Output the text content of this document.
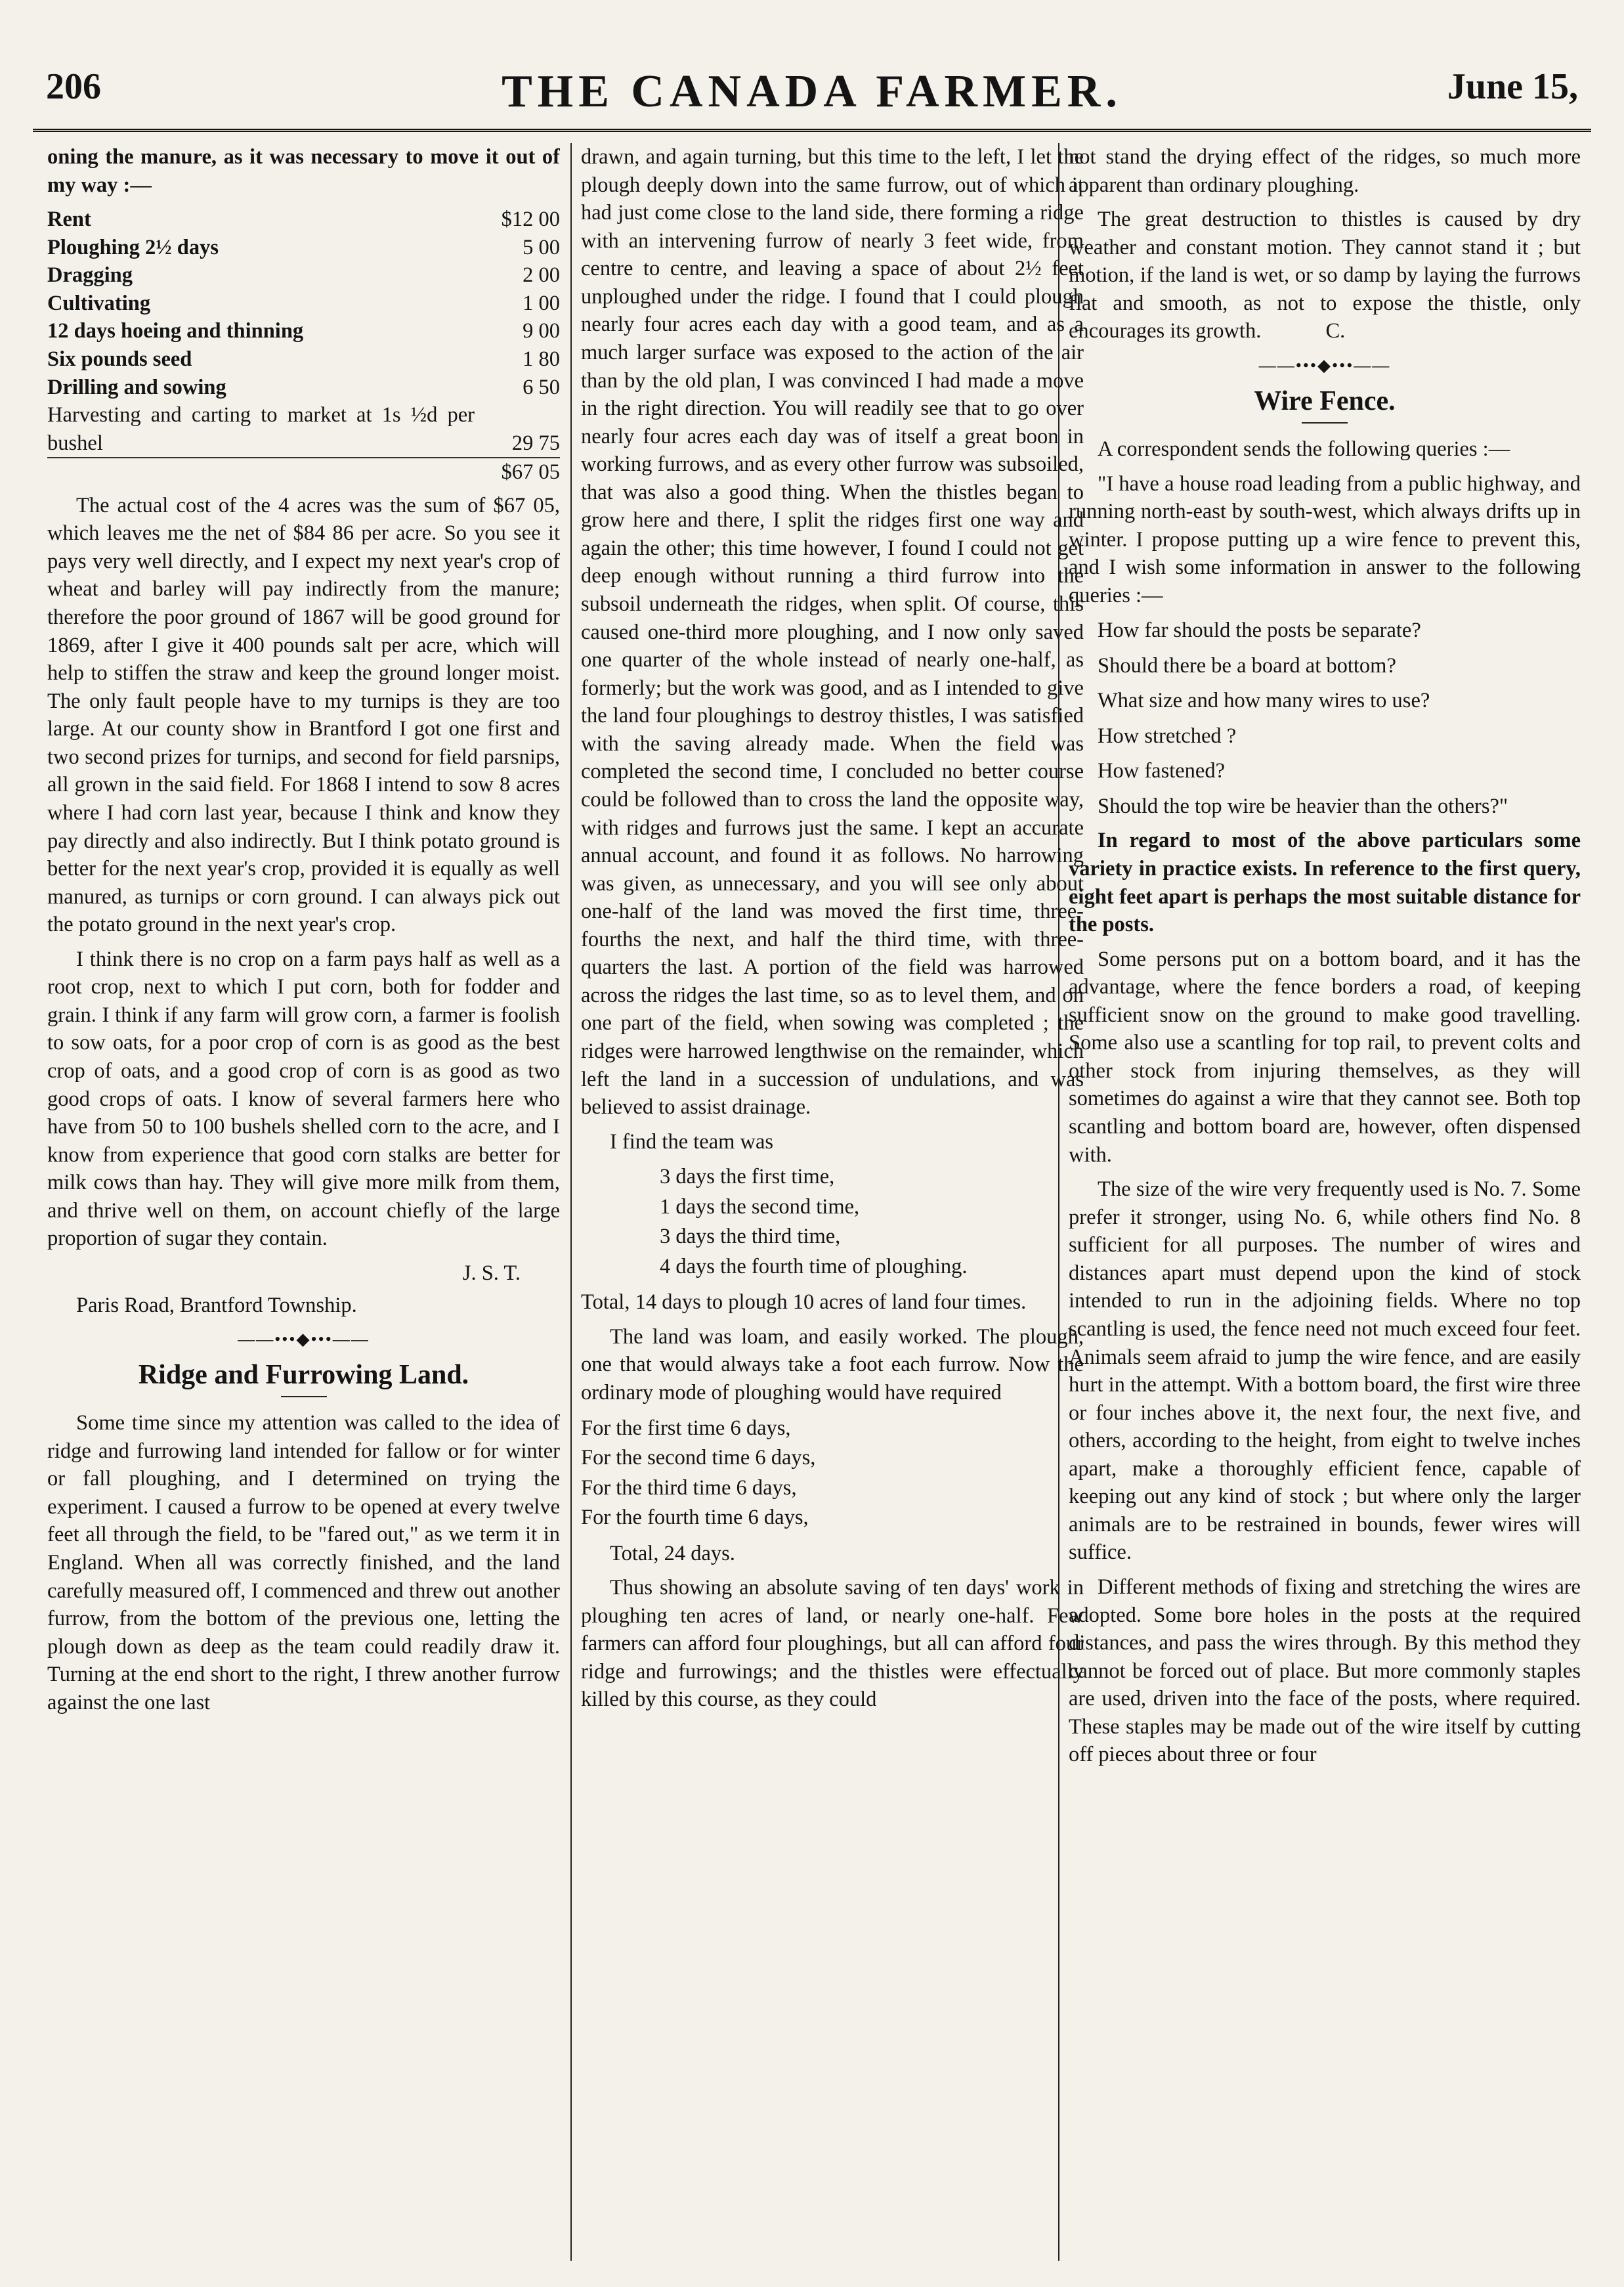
206	THE CANADA FARMER.	June 15,

oning the manure, as it was necessary to move it out of my way :—

Rent	$12 00
Ploughing 2½ days	5 00
Dragging	2 00
Cultivating	1 00
12 days hoeing and thinning	9 00
Six pounds seed	1 80
Drilling and sowing	6 50
Harvesting and carting to market at 1s ½d per bushel	29 75
	$67 05

The actual cost of the 4 acres was the sum of $67 05, which leaves me the net of $84 86 per acre. So you see it pays very well directly, and I expect my next year's crop of wheat and barley will pay indirectly from the manure; therefore the poor ground of 1867 will be good ground for 1869, after I give it 400 pounds salt per acre, which will help to stiffen the straw and keep the ground longer moist. The only fault people have to my turnips is they are too large. At our county show in Brantford I got one first and two second prizes for turnips, and second for field parsnips, all grown in the said field. For 1868 I intend to sow 8 acres where I had corn last year, because I think and know they pay directly and also indirectly. But I think potato ground is better for the next year's crop, provided it is equally as well manured, as turnips or corn ground. I can always pick out the potato ground in the next year's crop.

I think there is no crop on a farm pays half as well as a root crop, next to which I put corn, both for fodder and grain. I think if any farm will grow corn, a farmer is foolish to sow oats, for a poor crop of corn is as good as the best crop of oats, and a good crop of corn is as good as two good crops of oats. I know of several farmers here who have from 50 to 100 bushels shelled corn to the acre, and I know from experience that good corn stalks are better for milk cows than hay. They will give more milk from them, and thrive well on them, on account chiefly of the large proportion of sugar they contain.

J. S. T.
Paris Road, Brantford Township.
——•••◆•••——
Ridge and Furrowing Land.

Some time since my attention was called to the idea of ridge and furrowing land intended for fallow or for winter or fall ploughing, and I determined on trying the experiment. I caused a furrow to be opened at every twelve feet all through the field, to be "fared out," as we term it in England. When all was correctly finished, and the land carefully measured off, I commenced and threw out another furrow, from the bottom of the previous one, letting the plough down as deep as the team could readily draw it. Turning at the end short to the right, I threw another furrow against the one last

drawn, and again turning, but this time to the left, I let the plough deeply down into the same furrow, out of which it had just come close to the land side, there forming a ridge with an intervening furrow of nearly 3 feet wide, from centre to centre, and leaving a space of about 2½ feet unploughed under the ridge. I found that I could plough nearly four acres each day with a good team, and as a much larger surface was exposed to the action of the air than by the old plan, I was convinced I had made a move in the right direction. You will readily see that to go over nearly four acres each day was of itself a great boon in working furrows, and as every other furrow was subsoiled, that was also a good thing. When the thistles began to grow here and there, I split the ridges first one way and again the other; this time however, I found I could not get deep enough without running a third furrow into the subsoil underneath the ridges, when split. Of course, this caused one-third more ploughing, and I now only saved one quarter of the whole instead of nearly one-half, as formerly; but the work was good, and as I intended to give the land four ploughings to destroy thistles, I was satisfied with the saving already made. When the field was completed the second time, I concluded no better course could be followed than to cross the land the opposite way, with ridges and furrows just the same. I kept an accurate annual account, and found it as follows. No harrowing was given, as unnecessary, and you will see only about one-half of the land was moved the first time, three-fourths the next, and half the third time, with three-quarters the last. A portion of the field was harrowed across the ridges the last time, so as to level them, and on one part of the field, when sowing was completed ; the ridges were harrowed lengthwise on the remainder, which left the land in a succession of undulations, and was believed to assist drainage.

I find the team was

3 days the first time,
1 days the second time,
3 days the third time,
4 days the fourth time of ploughing.

Total, 14 days to plough 10 acres of land four times.

The land was loam, and easily worked. The plough, one that would always take a foot each furrow. Now the ordinary mode of ploughing would have required

For the first time 6 days,
For the second time 6 days,
For the third time 6 days,
For the fourth time 6 days,

Total, 24 days.

Thus showing an absolute saving of ten days' work in ploughing ten acres of land, or nearly one-half. Few farmers can afford four ploughings, but all can afford four ridge and furrowings; and the thistles were effectually killed by this course, as they could

not stand the drying effect of the ridges, so much more apparent than ordinary ploughing.

The great destruction to thistles is caused by dry weather and constant motion. They cannot stand it ; but motion, if the land is wet, or so damp by laying the furrows flat and smooth, as not to expose the thistle, only encourages its growth.	C.

——•••◆•••——
Wire Fence.

A correspondent sends the following queries :—

"I have a house road leading from a public highway, and running north-east by south-west, which always drifts up in winter. I propose putting up a wire fence to prevent this, and I wish some information in answer to the following queries :—

How far should the posts be separate?
Should there be a board at bottom?
What size and how many wires to use?
How stretched ?
How fastened?
Should the top wire be heavier than the others?"

In regard to most of the above particulars some variety in practice exists. In reference to the first query, eight feet apart is perhaps the most suitable distance for the posts.

Some persons put on a bottom board, and it has the advantage, where the fence borders a road, of keeping sufficient snow on the ground to make good travelling. Some also use a scantling for top rail, to prevent colts and other stock from injuring themselves, as they will sometimes do against a wire that they cannot see. Both top scantling and bottom board are, however, often dispensed with.

The size of the wire very frequently used is No. 7. Some prefer it stronger, using No. 6, while others find No. 8 sufficient for all purposes. The number of wires and distances apart must depend upon the kind of stock intended to run in the adjoining fields. Where no top scantling is used, the fence need not much exceed four feet. Animals seem afraid to jump the wire fence, and are easily hurt in the attempt. With a bottom board, the first wire three or four inches above it, the next four, the next five, and others, according to the height, from eight to twelve inches apart, make a thoroughly efficient fence, capable of keeping out any kind of stock ; but where only the larger animals are to be restrained in bounds, fewer wires will suffice.

Different methods of fixing and stretching the wires are adopted. Some bore holes in the posts at the required distances, and pass the wires through. By this method they cannot be forced out of place. But more commonly staples are used, driven into the face of the posts, where required. These staples may be made out of the wire itself by cutting off pieces about three or four
